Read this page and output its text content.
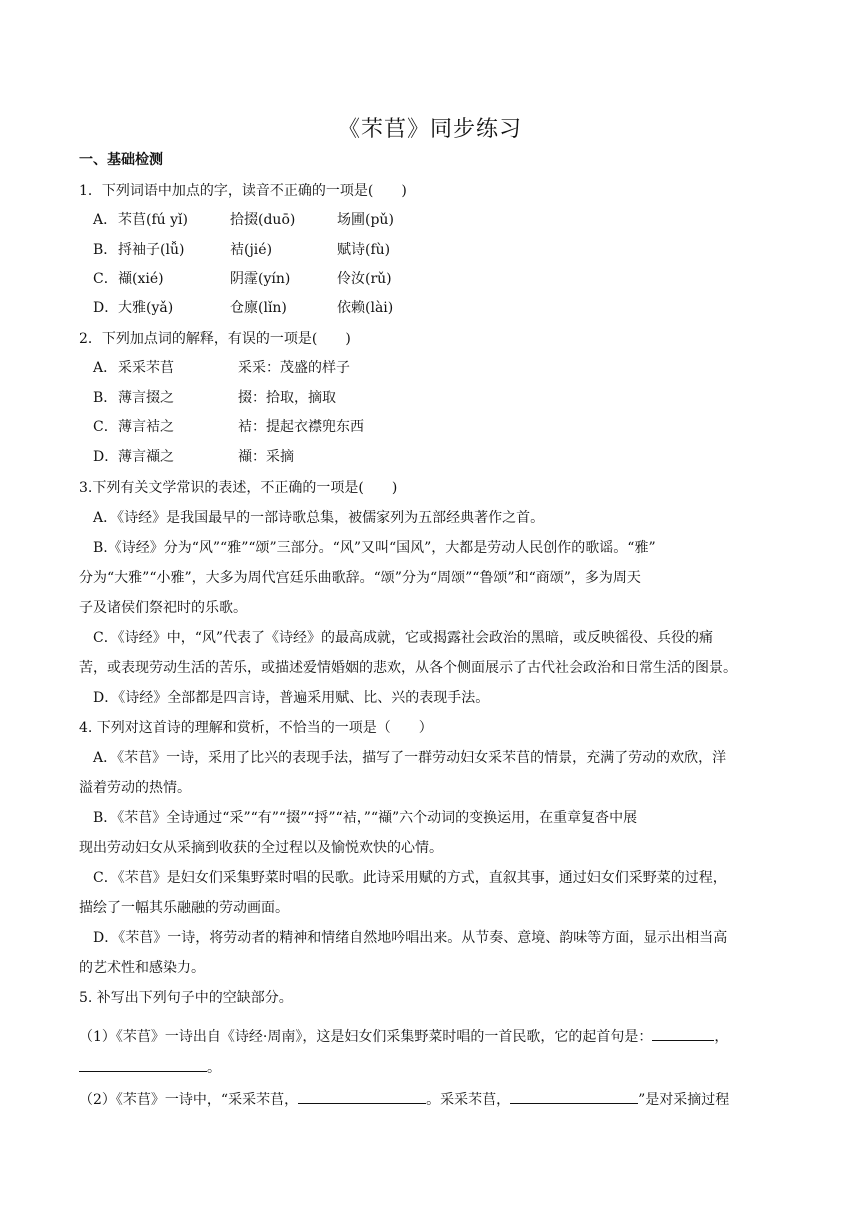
《芣苢》同步练习
一、基础检测
1．下列词语中加点的字，读音不正确的一项是(　　)
A． 芣苢(fú yǐ)	拾掇(duō)	场圃(pǔ)
B． 捋袖子(lǚ)	袺(jié)	赋诗(fù)
C． 襭(xié)	阴霪(yín)	伶汝(rǔ)
D． 大雅(yǎ)	仓廪(lǐn)	依赖(lài)
2．下列加点词的解释，有误的一项是(　　)
A． 采采芣苢	采采：茂盛的样子
B． 薄言掇之	掇：拾取，摘取
C． 薄言袺之	袺：提起衣襟兜东西
D． 薄言襭之	襭：采摘
3.下列有关文学常识的表述，不正确的一项是(　　)
A．《诗经》是我国最早的一部诗歌总集，被儒家列为五部经典著作之首。
B.《诗经》分为“风”“雅”“颂”三部分。“风”又叫“国风”，大都是劳动人民创作的歌谣。“雅”
分为“大雅”“小雅”，大多为周代宫廷乐曲歌辞。“颂”分为“周颂”“鲁颂”和“商颂”，多为周天
子及诸侯们祭祀时的乐歌。
C．《诗经》中，“风”代表了《诗经》的最高成就，它或揭露社会政治的黑暗，或反映徭役、兵役的痛
苦，或表现劳动生活的苦乐，或描述爱情婚姻的悲欢，从各个侧面展示了古代社会政治和日常生活的图景。
D．《诗经》全部都是四言诗，普遍采用赋、比、兴的表现手法。
4. 下列对这首诗的理解和赏析，不恰当的一项是（　　）
A．《芣苢》一诗，采用了比兴的表现手法，描写了一群劳动妇女采芣苢的情景，充满了劳动的欢欣，洋
溢着劳动的热情。
B．《芣苢》全诗通过“采”“有”“掇”“捋”“袺，”“襭”六个动词的变换运用，在重章复沓中展
现出劳动妇女从采摘到收获的全过程以及愉悦欢快的心情。
C．《芣苢》是妇女们采集野菜时唱的民歌。此诗采用赋的方式，直叙其事，通过妇女们采野菜的过程，
描绘了一幅其乐融融的劳动画面。
D．《芣苢》一诗，将劳动者的精神和情绪自然地吟唱出来。从节奏、意境、韵味等方面，显示出相当高
的艺术性和感染力。
5. 补写出下列句子中的空缺部分。
（1）《芣苢》一诗出自《诗经·周南》，这是妇女们采集野菜时唱的一首民歌，它的起首句是：	，
。
（2）《芣苢》一诗中，“采采芣苢，	。采采芣苢，	”是对采摘过程
